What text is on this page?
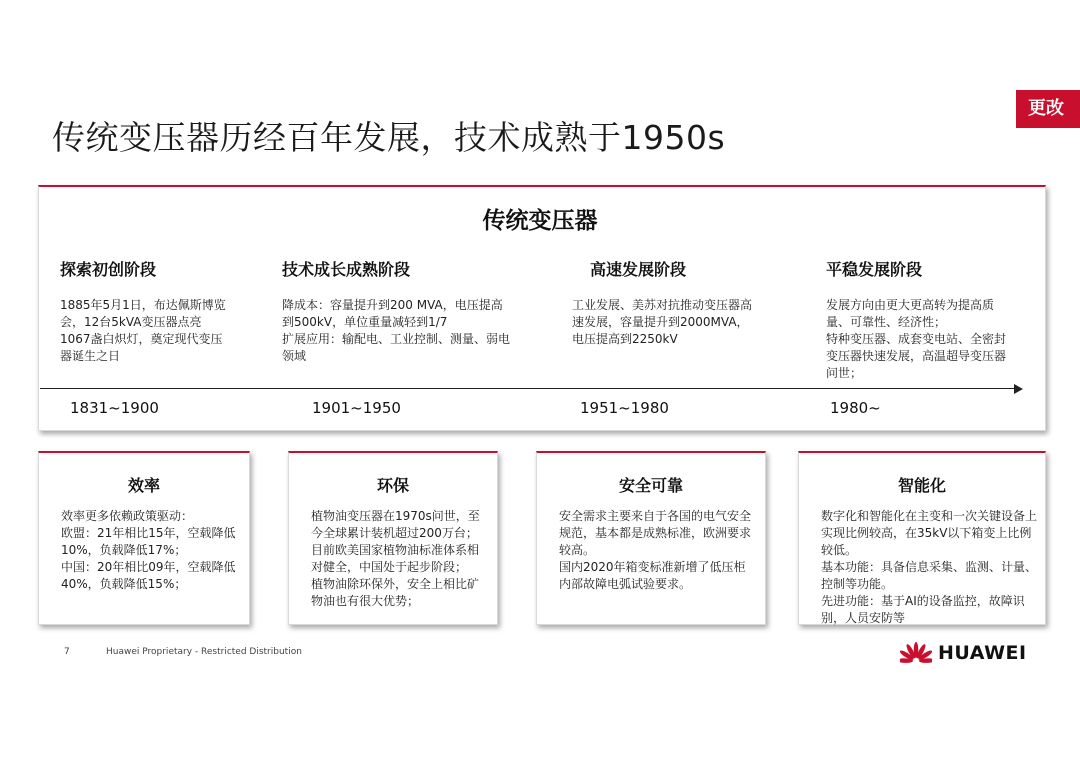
传统变压器历经百年发展，技术成熟于1950s
更改
传统变压器
探索初创阶段
1885年5月1日，布达佩斯博览会，12台5kVA变压器点亮1067盏白炽灯，奠定现代变压器诞生之日
1831~1900
技术成长成熟阶段
降成本：容量提升到200 MVA，电压提高到500kV，单位重量减轻到1/7
扩展应用：输配电、工业控制、测量、弱电领域
1901~1950
高速发展阶段
工业发展、美苏对抗推动变压器高速发展，容量提升到2000MVA，电压提高到2250kV
1951~1980
平稳发展阶段
发展方向由更大更高转为提高质量、可靠性、经济性；
特种变压器、成套变电站、全密封变压器快速发展，高温超导变压器问世；
1980~
效率
效率更多依赖政策驱动：
欧盟：21年相比15年，空载降低10%，负载降低17%；
中国：20年相比09年，空载降低40%，负载降低15%；
环保
植物油变压器在1970s问世，至今全球累计装机超过200万台；目前欧美国家植物油标准体系相对健全，中国处于起步阶段；
植物油除环保外，安全上相比矿物油也有很大优势；
安全可靠
安全需求主要来自于各国的电气安全规范，基本都是成熟标准，欧洲要求较高。
国内2020年箱变标准新增了低压柜内部故障电弧试验要求。
智能化
数字化和智能化在主变和一次关键设备上实现比例较高，在35kV以下箱变上比例较低。
基本功能：具备信息采集、监测、计量、控制等功能。
先进功能：基于AI的设备监控，故障识别，人员安防等
7	Huawei Proprietary - Restricted Distribution	HUAWEI
